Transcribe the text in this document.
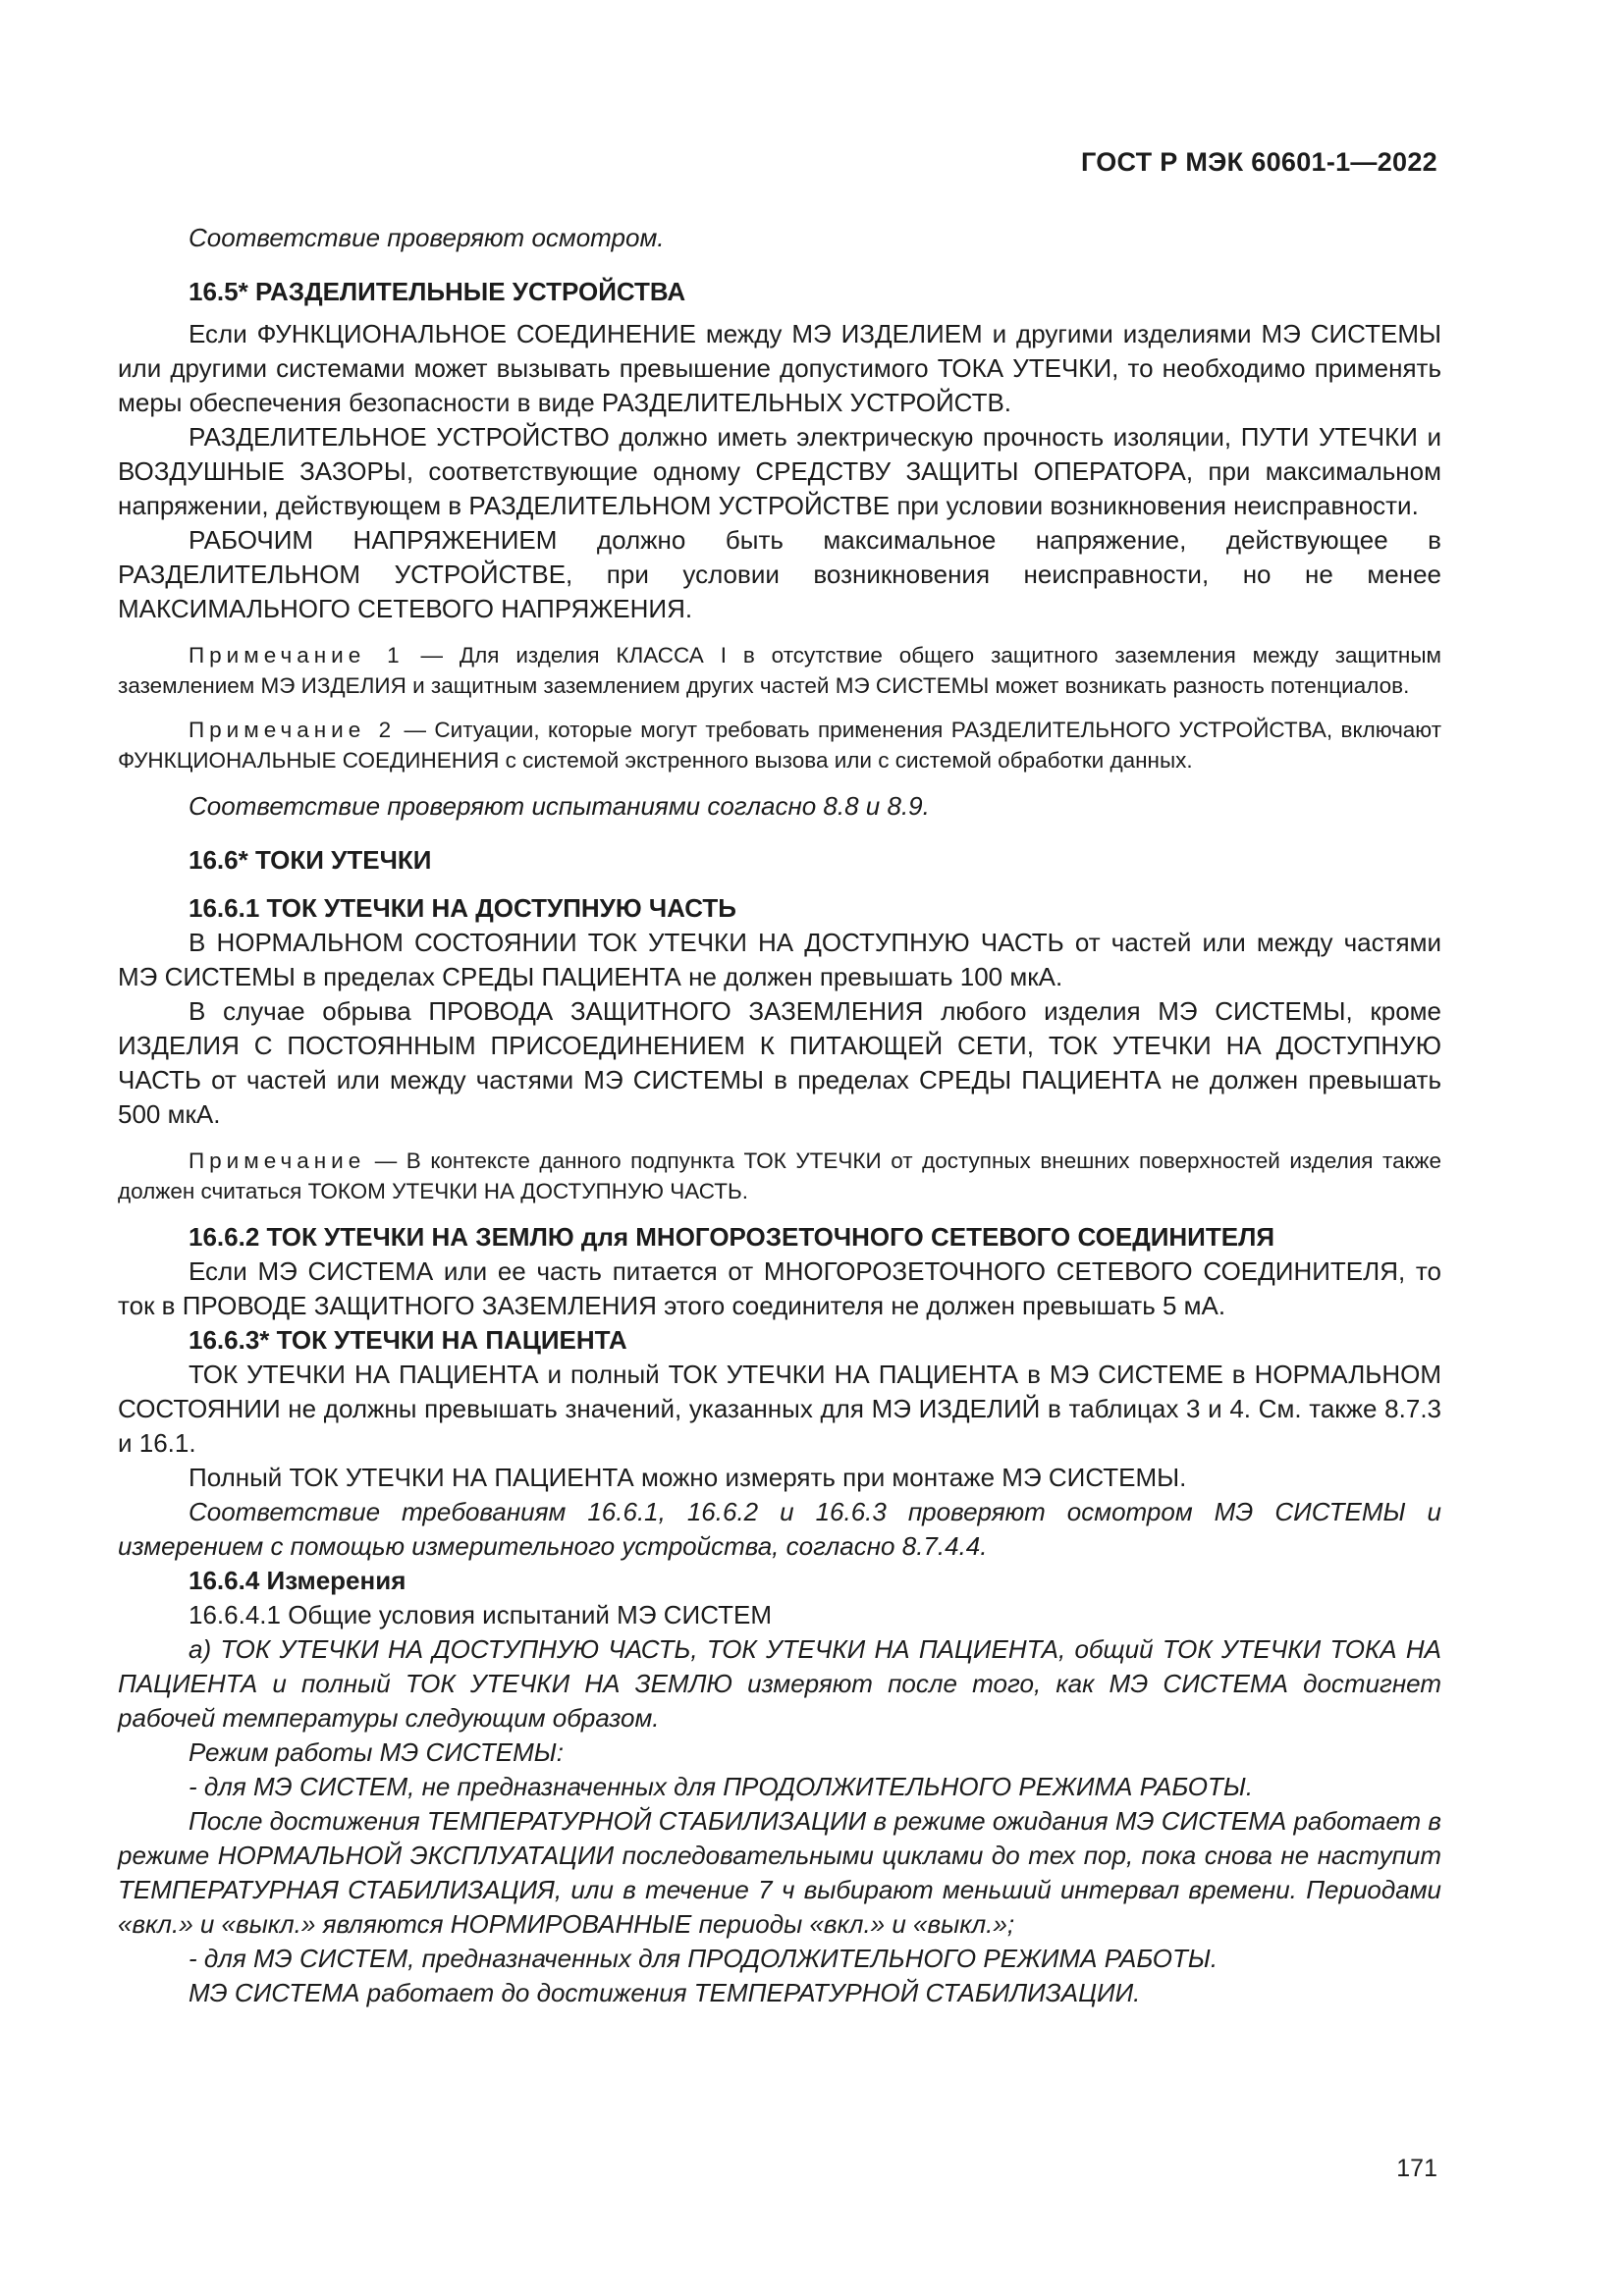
ГОСТ Р МЭК 60601-1—2022

Соответствие проверяют осмотром.

16.5* РАЗДЕЛИТЕЛЬНЫЕ УСТРОЙСТВА

Если ФУНКЦИОНАЛЬНОЕ СОЕДИНЕНИЕ между МЭ ИЗДЕЛИЕМ и другими изделиями МЭ СИСТЕМЫ или другими системами может вызывать превышение допустимого ТОКА УТЕЧКИ, то необходимо применять меры обеспечения безопасности в виде РАЗДЕЛИТЕЛЬНЫХ УСТРОЙСТВ.

РАЗДЕЛИТЕЛЬНОЕ УСТРОЙСТВО должно иметь электрическую прочность изоляции, ПУТИ УТЕЧКИ и ВОЗДУШНЫЕ ЗАЗОРЫ, соответствующие одному СРЕДСТВУ ЗАЩИТЫ ОПЕРАТОРА, при максимальном напряжении, действующем в РАЗДЕЛИТЕЛЬНОМ УСТРОЙСТВЕ при условии возникновения неисправности.

РАБОЧИМ НАПРЯЖЕНИЕМ должно быть максимальное напряжение, действующее в РАЗДЕЛИТЕЛЬНОМ УСТРОЙСТВЕ, при условии возникновения неисправности, но не менее МАКСИМАЛЬНОГО СЕТЕВОГО НАПРЯЖЕНИЯ.

Примечание 1 — Для изделия КЛАССА I в отсутствие общего защитного заземления между защитным заземлением МЭ ИЗДЕЛИЯ и защитным заземлением других частей МЭ СИСТЕМЫ может возникать разность потенциалов.

Примечание 2 — Ситуации, которые могут требовать применения РАЗДЕЛИТЕЛЬНОГО УСТРОЙСТВА, включают ФУНКЦИОНАЛЬНЫЕ СОЕДИНЕНИЯ с системой экстренного вызова или с системой обработки данных.

Соответствие проверяют испытаниями согласно 8.8 и 8.9.

16.6* ТОКИ УТЕЧКИ

16.6.1 ТОК УТЕЧКИ НА ДОСТУПНУЮ ЧАСТЬ

В НОРМАЛЬНОМ СОСТОЯНИИ ТОК УТЕЧКИ НА ДОСТУПНУЮ ЧАСТЬ от частей или между частями МЭ СИСТЕМЫ в пределах СРЕДЫ ПАЦИЕНТА не должен превышать 100 мкА.

В случае обрыва ПРОВОДА ЗАЩИТНОГО ЗАЗЕМЛЕНИЯ любого изделия МЭ СИСТЕМЫ, кроме ИЗДЕЛИЯ С ПОСТОЯННЫМ ПРИСОЕДИНЕНИЕМ К ПИТАЮЩЕЙ СЕТИ, ТОК УТЕЧКИ НА ДОСТУПНУЮ ЧАСТЬ от частей или между частями МЭ СИСТЕМЫ в пределах СРЕДЫ ПАЦИЕНТА не должен превышать 500 мкА.

Примечание — В контексте данного подпункта ТОК УТЕЧКИ от доступных внешних поверхностей изделия также должен считаться ТОКОМ УТЕЧКИ НА ДОСТУПНУЮ ЧАСТЬ.

16.6.2 ТОК УТЕЧКИ НА ЗЕМЛЮ для МНОГОРОЗЕТОЧНОГО СЕТЕВОГО СОЕДИНИТЕЛЯ

Если МЭ СИСТЕМА или ее часть питается от МНОГОРОЗЕТОЧНОГО СЕТЕВОГО СОЕДИНИТЕЛЯ, то ток в ПРОВОДЕ ЗАЩИТНОГО ЗАЗЕМЛЕНИЯ этого соединителя не должен превышать 5 мА.

16.6.3* ТОК УТЕЧКИ НА ПАЦИЕНТА

ТОК УТЕЧКИ НА ПАЦИЕНТА и полный ТОК УТЕЧКИ НА ПАЦИЕНТА в МЭ СИСТЕМЕ в НОРМАЛЬНОМ СОСТОЯНИИ не должны превышать значений, указанных для МЭ ИЗДЕЛИЙ в таблицах 3 и 4. См. также 8.7.3 и 16.1.

Полный ТОК УТЕЧКИ НА ПАЦИЕНТА можно измерять при монтаже МЭ СИСТЕМЫ.

Соответствие требованиям 16.6.1, 16.6.2 и 16.6.3 проверяют осмотром МЭ СИСТЕМЫ и измерением с помощью измерительного устройства, согласно 8.7.4.4.

16.6.4 Измерения

16.6.4.1 Общие условия испытаний МЭ СИСТЕМ

а) ТОК УТЕЧКИ НА ДОСТУПНУЮ ЧАСТЬ, ТОК УТЕЧКИ НА ПАЦИЕНТА, общий ТОК УТЕЧКИ ТОКА НА ПАЦИЕНТА и полный ТОК УТЕЧКИ НА ЗЕМЛЮ измеряют после того, как МЭ СИСТЕМА достигнет рабочей температуры следующим образом.

Режим работы МЭ СИСТЕМЫ:

- для МЭ СИСТЕМ, не предназначенных для ПРОДОЛЖИТЕЛЬНОГО РЕЖИМА РАБОТЫ.

После достижения ТЕМПЕРАТУРНОЙ СТАБИЛИЗАЦИИ в режиме ожидания МЭ СИСТЕМА работает в режиме НОРМАЛЬНОЙ ЭКСПЛУАТАЦИИ последовательными циклами до тех пор, пока снова не наступит ТЕМПЕРАТУРНАЯ СТАБИЛИЗАЦИЯ, или в течение 7 ч выбирают меньший интервал времени. Периодами «вкл.» и «выкл.» являются НОРМИРОВАННЫЕ периоды «вкл.» и «выкл.»;

- для МЭ СИСТЕМ, предназначенных для ПРОДОЛЖИТЕЛЬНОГО РЕЖИМА РАБОТЫ.

МЭ СИСТЕМА работает до достижения ТЕМПЕРАТУРНОЙ СТАБИЛИЗАЦИИ.

171
